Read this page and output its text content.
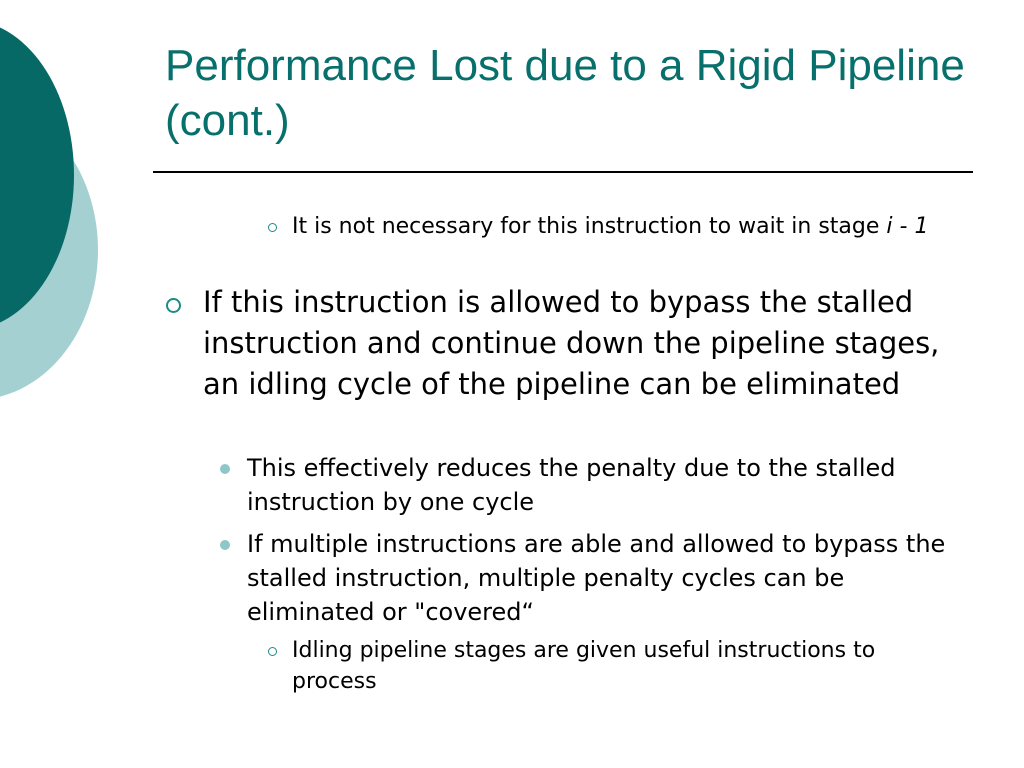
Performance Lost due to a Rigid Pipeline (cont.)
It is not necessary for this instruction to wait in stage i - 1
If this instruction is allowed to bypass the stalled instruction and continue down the pipeline stages, an idling cycle of the pipeline can be eliminated
This effectively reduces the penalty due to the stalled instruction by one cycle
If multiple instructions are able and allowed to bypass the stalled instruction, multiple penalty cycles can be eliminated or "covered“
Idling pipeline stages are given useful instructions to process
